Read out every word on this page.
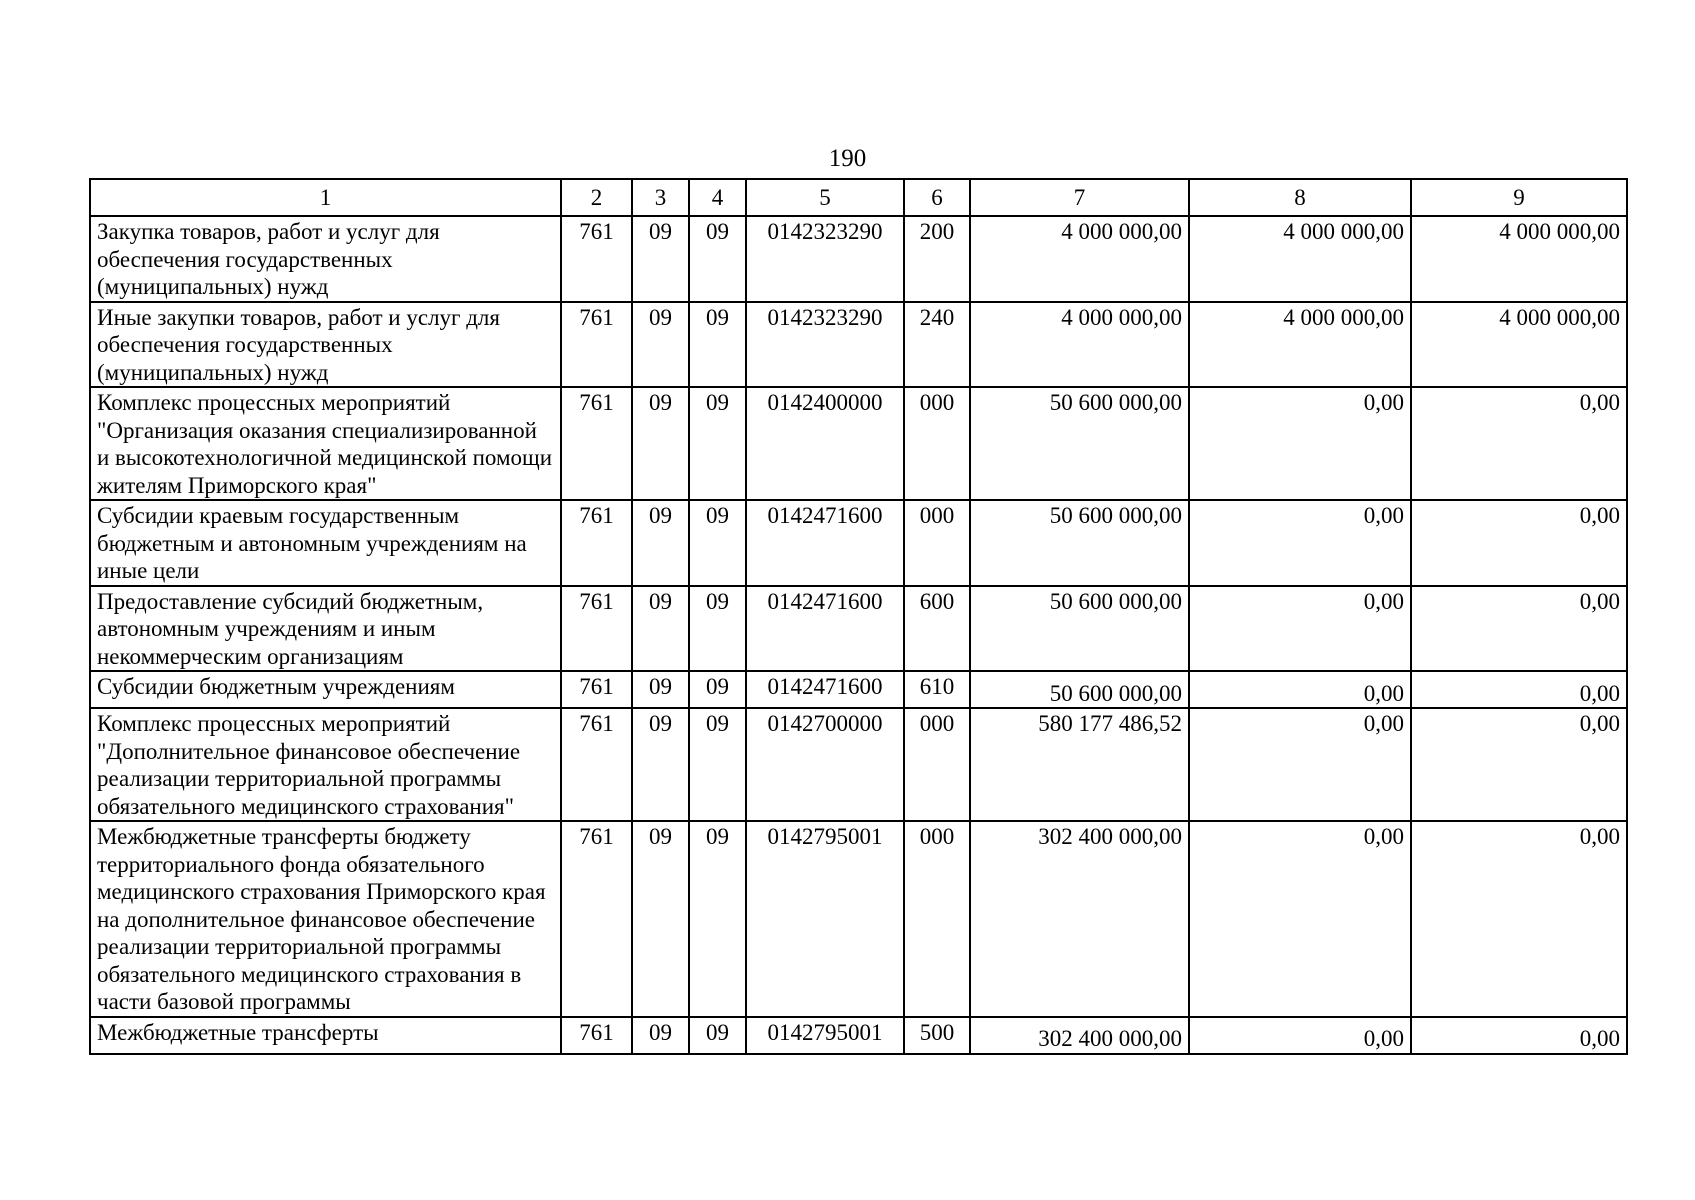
190
1	2	3	4	5	6	7	8	9
Закупка товаров, работ и услуг для обеспечения государственных (муниципальных) нужд	761	09	09	0142323290	200	4 000 000,00	4 000 000,00	4 000 000,00
Иные закупки товаров, работ и услуг для обеспечения государственных (муниципальных) нужд	761	09	09	0142323290	240	4 000 000,00	4 000 000,00	4 000 000,00
Комплекс процессных мероприятий "Организация оказания специализированной и высокотехнологичной медицинской помощи жителям Приморского края"	761	09	09	0142400000	000	50 600 000,00	0,00	0,00
Субсидии краевым государственным бюджетным и автономным учреждениям на иные цели	761	09	09	0142471600	000	50 600 000,00	0,00	0,00
Предоставление субсидий бюджетным, автономным учреждениям и иным некоммерческим организациям	761	09	09	0142471600	600	50 600 000,00	0,00	0,00
Субсидии бюджетным учреждениям	761	09	09	0142471600	610	50 600 000,00	0,00	0,00
Комплекс процессных мероприятий "Дополнительное финансовое обеспечение реализации территориальной программы обязательного медицинского страхования"	761	09	09	0142700000	000	580 177 486,52	0,00	0,00
Межбюджетные трансферты бюджету территориального фонда обязательного медицинского страхования Приморского края на дополнительное финансовое обеспечение реализации территориальной программы обязательного медицинского страхования в части базовой программы	761	09	09	0142795001	000	302 400 000,00	0,00	0,00
Межбюджетные трансферты	761	09	09	0142795001	500	302 400 000,00	0,00	0,00
